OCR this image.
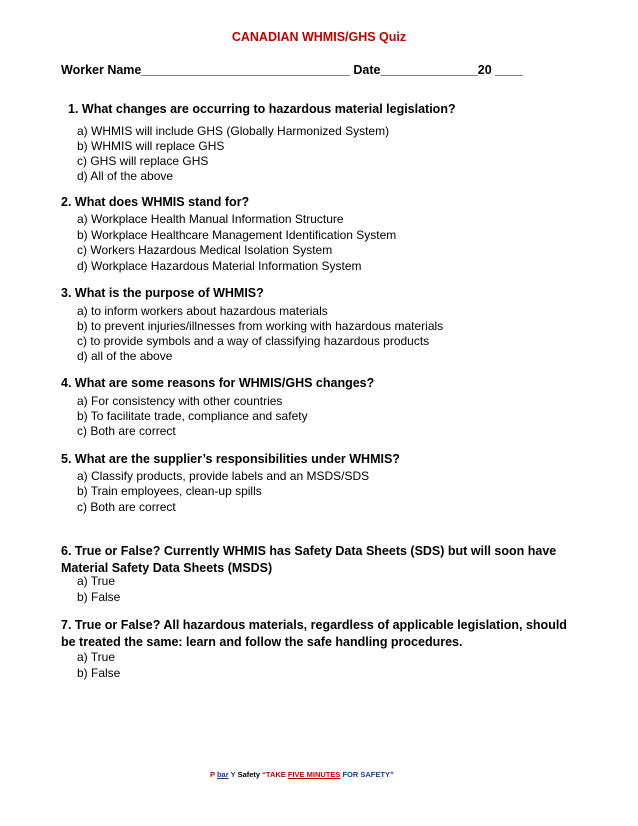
CANADIAN WHMIS/GHS Quiz
Worker Name______________________________ Date______________20 ____
1. What changes are occurring to hazardous material legislation?
a) WHMIS will include GHS (Globally Harmonized System)
b) WHMIS will replace GHS
c) GHS will replace GHS
d) All of the above
2. What does WHMIS stand for?
a) Workplace Health Manual Information Structure
b) Workplace Healthcare Management Identification System
c) Workers Hazardous Medical Isolation System
d) Workplace Hazardous Material Information System
3. What is the purpose of WHMIS?
a) to inform workers about hazardous materials
b) to prevent injuries/illnesses from working with hazardous materials
c) to provide symbols and a way of classifying hazardous products
d) all of the above
4. What are some reasons for WHMIS/GHS changes?
a) For consistency with other countries
b) To facilitate trade, compliance and safety
c) Both are correct
5. What are the supplier’s responsibilities under WHMIS?
a) Classify products, provide labels and an MSDS/SDS
b) Train employees, clean-up spills
c) Both are correct
6. True or False? Currently WHMIS has Safety Data Sheets (SDS) but will soon have Material Safety Data Sheets (MSDS)
a) True
b) False
7. True or False? All hazardous materials, regardless of applicable legislation, should be treated the same: learn and follow the safe handling procedures.
a) True
b) False
P bar Y Safety “TAKE FIVE MINUTES FOR SAFETY”
